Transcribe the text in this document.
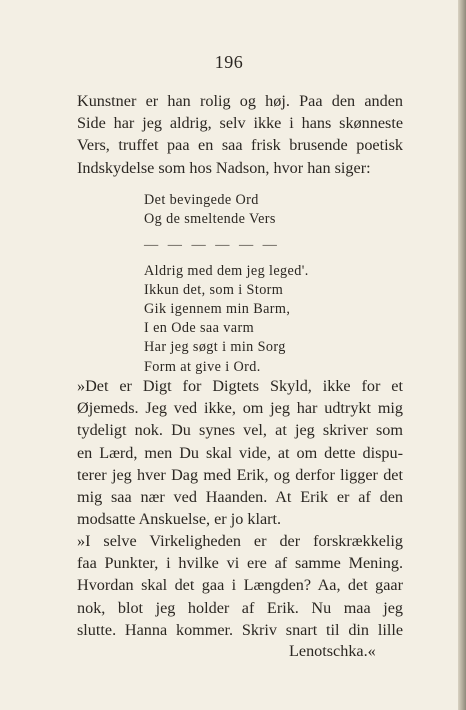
196
Kunstner er han rolig og høj. Paa den anden
Side har jeg aldrig, selv ikke i hans skønneste
Vers, truffet paa en saa frisk brusende poetisk
Indskydelse som hos Nadson, hvor han siger:
Det bevingede Ord
Og de smeltende Vers
— — — — — —
Aldrig med dem jeg leged'.
Ikkun det, som i Storm
Gik igennem min Barm,
I en Ode saa varm
Har jeg søgt i min Sorg
Form at give i Ord.
»Det er Digt for Digtets Skyld, ikke for et
Øjemeds. Jeg ved ikke, om jeg har udtrykt mig
tydeligt nok. Du synes vel, at jeg skriver som
en Lærd, men Du skal vide, at om dette dispu-
terer jeg hver Dag med Erik, og derfor ligger det
mig saa nær ved Haanden. At Erik er af den
modsatte Anskuelse, er jo klart.
»I selve Virkeligheden er der forskrækkelig
faa Punkter, i hvilke vi ere af samme Mening.
Hvordan skal det gaa i Længden? Aa, det gaar
nok, blot jeg holder af Erik. Nu maa jeg
slutte. Hanna kommer. Skriv snart til din lille
Lenotschka.«
